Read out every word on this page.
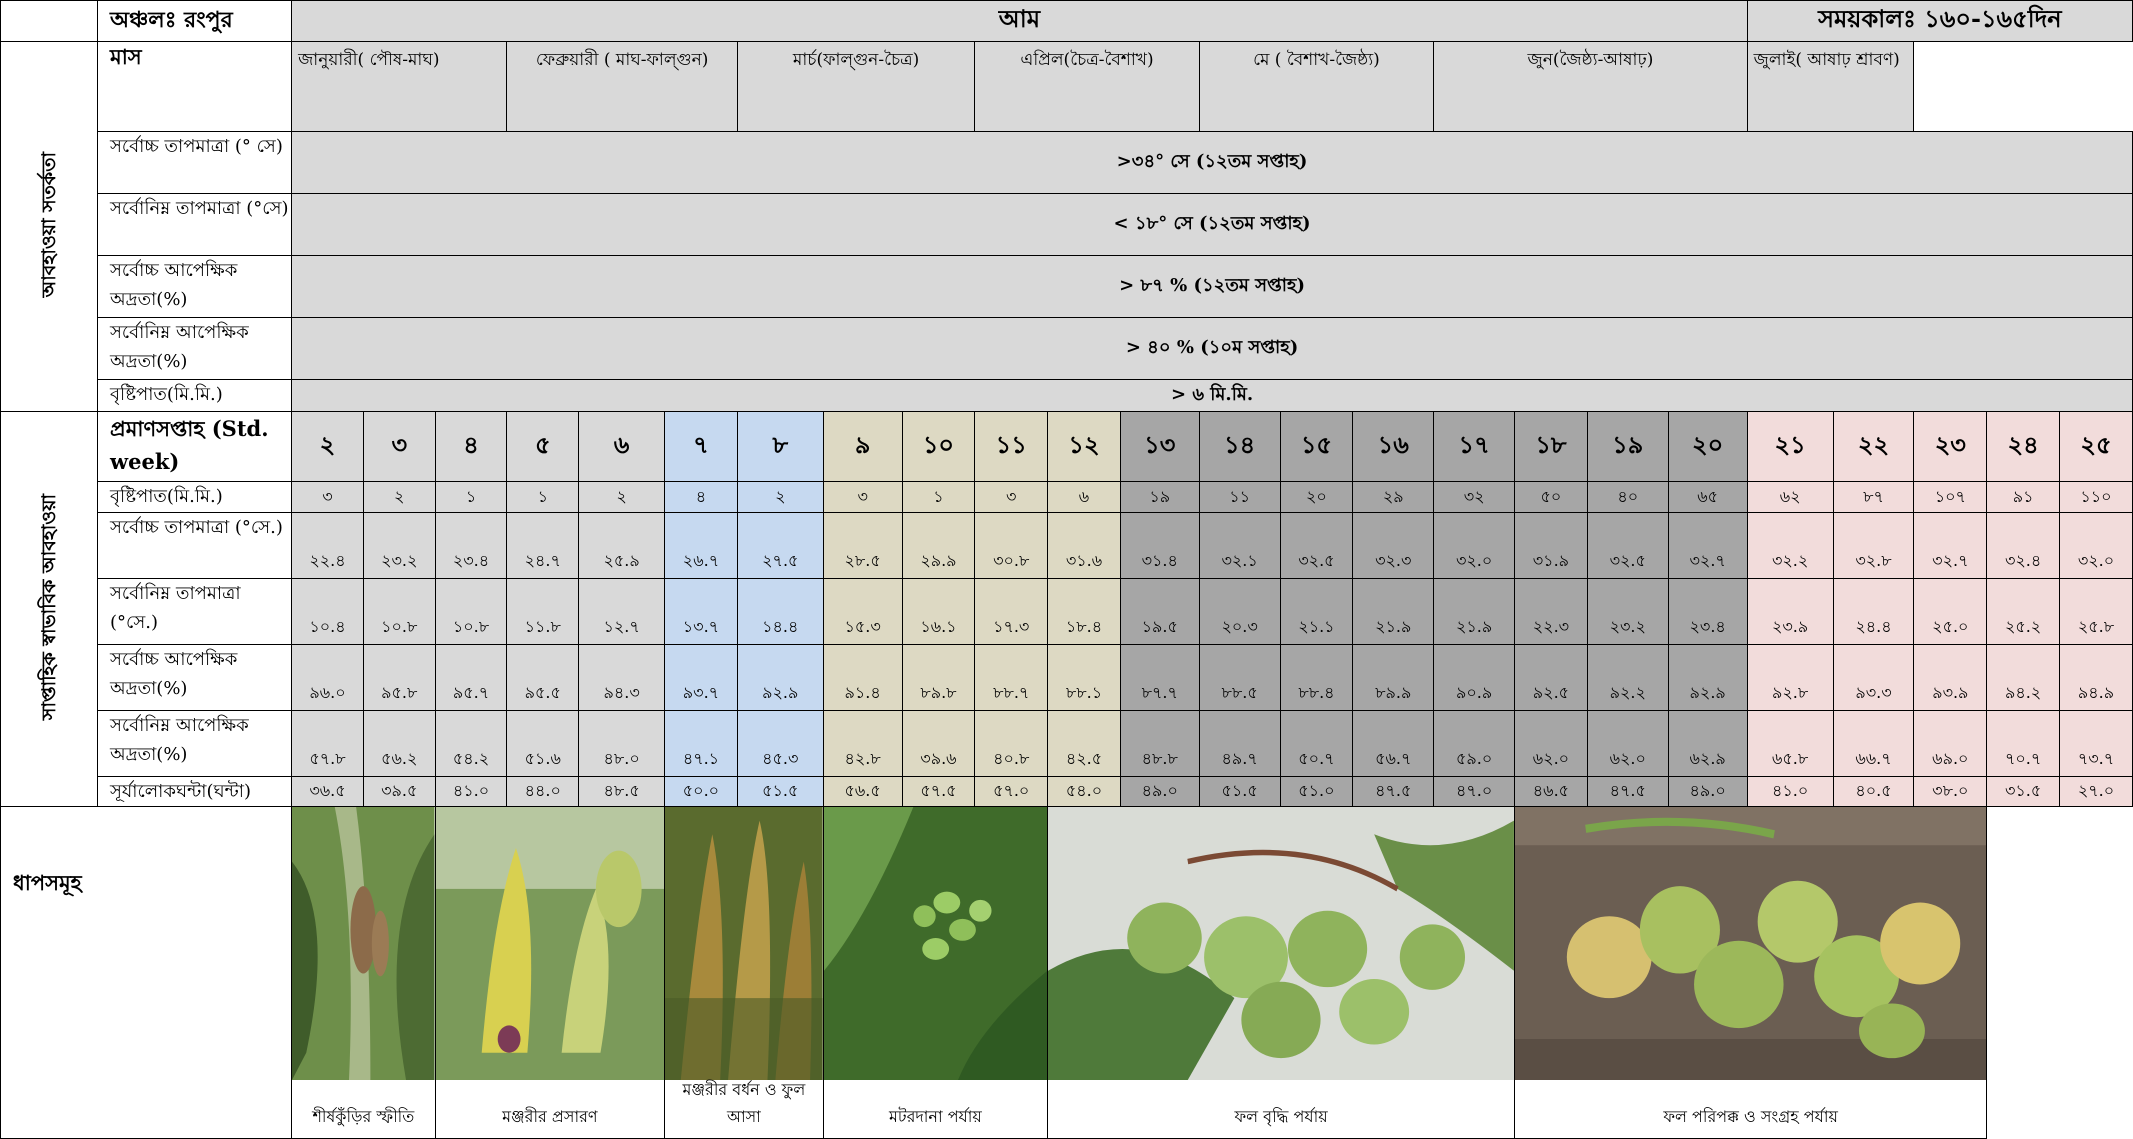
	অঞ্চলঃ রংপুর	আম																			সময়কালঃ ১৬০-১৬৫দিন				
আবহাওয়া সতর্কতা	মাস	জানুয়ারী( পৌষ-মাঘ)			ফেব্রুয়ারী ( মাঘ-ফাল্গুন)			মার্চ(ফাল্গুন-চৈত্র)			এপ্রিল(চৈত্র-বৈশাখ)			মে ( বৈশাখ-জৈষ্ঠ্য)			জুন(জৈষ্ঠ্য-আষাঢ়)				জুলাই( আষাঢ় শ্রাবণ)				
	সর্বোচ্চ তাপমাত্রা (° সে)	>৩৪° সে (১২তম সপ্তাহ)																							
	সর্বোনিম্ন তাপমাত্রা (°সে)	< ১৮° সে (১২তম সপ্তাহ)																							
	সর্বোচ্চ আপেক্ষিক অদ্রতা(%)	> ৮৭ % (১২তম সপ্তাহ)																							
	সর্বোনিম্ন আপেক্ষিক অদ্রতা(%)	> ৪০ % (১০ম সপ্তাহ)																							
	বৃষ্টিপাত(মি.মি.)	> ৬ মি.মি.																							
সাপ্তাহিক স্বাভাবিক আবহাওয়া	প্রমাণসপ্তাহ (Std. week)	২	৩	৪	৫	৬	৭	৮	৯	১০	১১	১২	১৩	১৪	১৫	১৬	১৭	১৮	১৯	২০	২১	২২	২৩	২৪	২৫
	বৃষ্টিপাত(মি.মি.)	৩	২	১	১	২	৪	২	৩	১	৩	৬	১৯	১১	২০	২৯	৩২	৫০	৪০	৬৫	৬২	৮৭	১০৭	৯১	১১০
	সর্বোচ্চ তাপমাত্রা (°সে.)	২২.৪	২৩.২	২৩.৪	২৪.৭	২৫.৯	২৬.৭	২৭.৫	২৮.৫	২৯.৯	৩০.৮	৩১.৬	৩১.৪	৩২.১	৩২.৫	৩২.৩	৩২.০	৩১.৯	৩২.৫	৩২.৭	৩২.২	৩২.৮	৩২.৭	৩২.৪	৩২.০
	সর্বোনিম্ন তাপমাত্রা (°সে.)	১০.৪	১০.৮	১০.৮	১১.৮	১২.৭	১৩.৭	১৪.৪	১৫.৩	১৬.১	১৭.৩	১৮.৪	১৯.৫	২০.৩	২১.১	২১.৯	২১.৯	২২.৩	২৩.২	২৩.৪	২৩.৯	২৪.৪	২৫.০	২৫.২	২৫.৮
	সর্বোচ্চ আপেক্ষিক অদ্রতা(%)	৯৬.০	৯৫.৮	৯৫.৭	৯৫.৫	৯৪.৩	৯৩.৭	৯২.৯	৯১.৪	৮৯.৮	৮৮.৭	৮৮.১	৮৭.৭	৮৮.৫	৮৮.৪	৮৯.৯	৯০.৯	৯২.৫	৯২.২	৯২.৯	৯২.৮	৯৩.৩	৯৩.৯	৯৪.২	৯৪.৯
	সর্বোনিম্ন আপেক্ষিক অদ্রতা(%)	৫৭.৮	৫৬.২	৫৪.২	৫১.৬	৪৮.০	৪৭.১	৪৫.৩	৪২.৮	৩৯.৬	৪০.৮	৪২.৫	৪৮.৮	৪৯.৭	৫০.৭	৫৬.৭	৫৯.০	৬২.০	৬২.০	৬২.৯	৬৫.৮	৬৬.৭	৬৯.০	৭০.৭	৭৩.৭
	সূর্যালোকঘন্টা(ঘন্টা)	৩৬.৫	৩৯.৫	৪১.০	৪৪.০	৪৮.৫	৫০.০	৫১.৫	৫৬.৫	৫৭.৫	৫৭.০	৫৪.০	৪৯.০	৫১.৫	৫১.০	৪৭.৫	৪৭.০	৪৬.৫	৪৭.৫	৪৯.০	৪১.০	৪০.৫	৩৮.০	৩১.৫	২৭.০
ধাপসমূহ		শীর্ষকুঁড়ির স্ফীতি		মঞ্জরীর প্রসারণ			মঞ্জরীর বর্ধন ও ফুল আসা		মটরদানা পর্যায়			ফল বৃদ্ধি পর্যায়						ফল পরিপক্ক ও সংগ্রহ পর্যায়							
